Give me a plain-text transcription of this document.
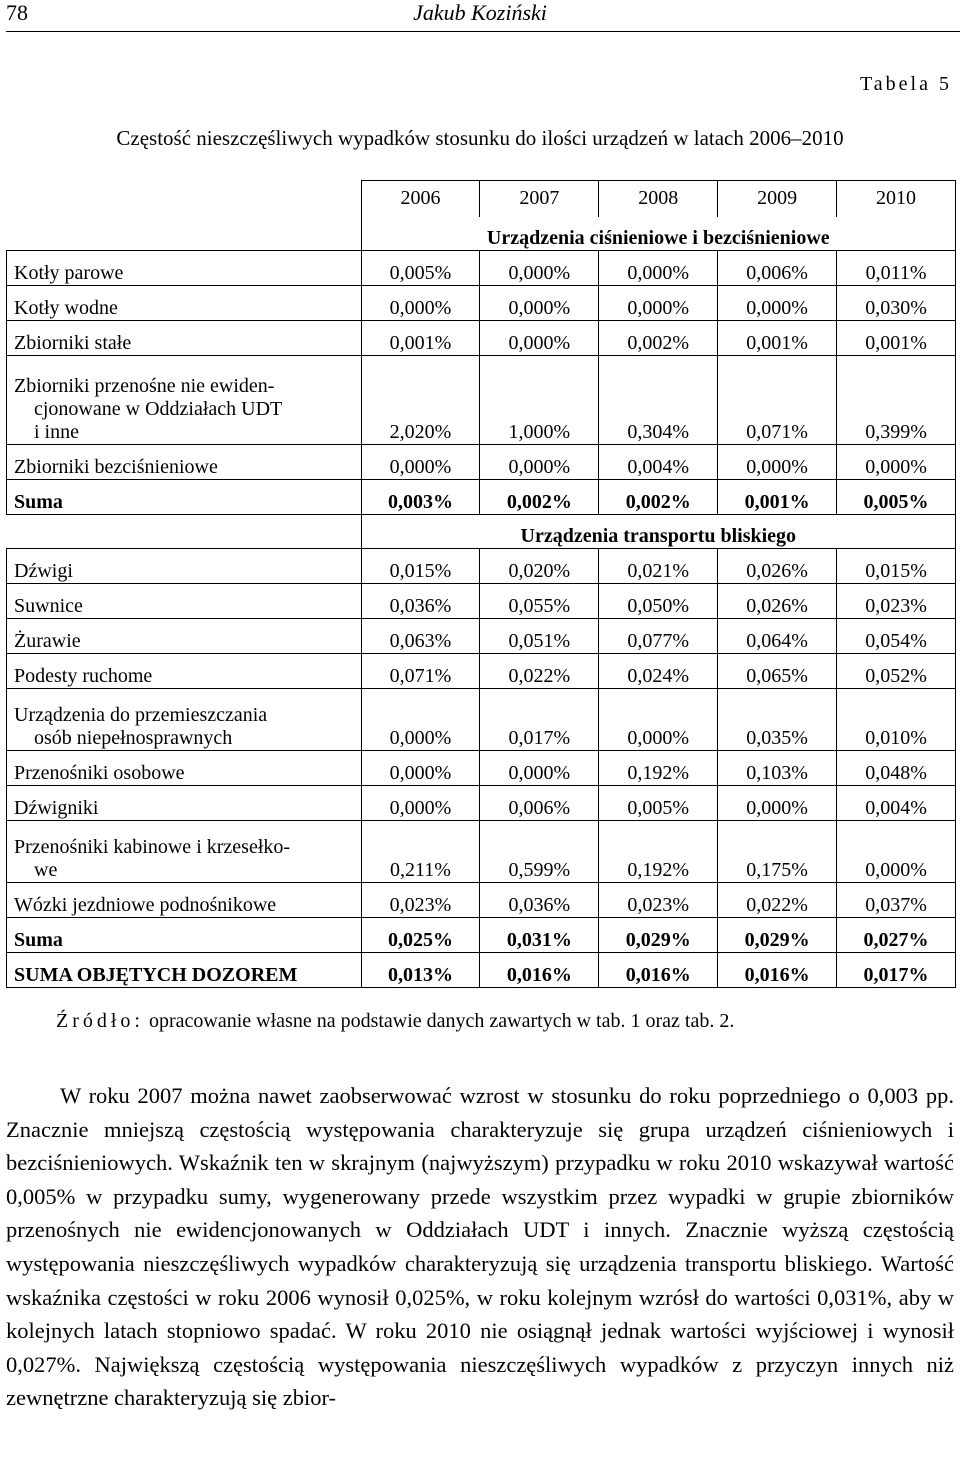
78	Jakub Koziński
Tabela 5
Częstość nieszczęśliwych wypadków stosunku do ilości urządzeń w latach 2006–2010
	2006	2007	2008	2009	2010
	Urządzenia ciśnieniowe i bezciśnieniowe				
Kotły parowe	0,005%	0,000%	0,000%	0,006%	0,011%
Kotły wodne	0,000%	0,000%	0,000%	0,000%	0,030%
Zbiorniki stałe	0,001%	0,000%	0,002%	0,001%	0,001%

Zbiorniki przenośne nie ewiden-
cjonowane w Oddziałach UDT
i inne	2,020%	1,000%	0,304%	0,071%	0,399%
Zbiorniki bezciśnieniowe	0,000%	0,000%	0,004%	0,000%	0,000%
Suma	0,003%	0,002%	0,002%	0,001%	0,005%
	Urządzenia transportu bliskiego				
Dźwigi	0,015%	0,020%	0,021%	0,026%	0,015%
Suwnice	0,036%	0,055%	0,050%	0,026%	0,023%
Żurawie	0,063%	0,051%	0,077%	0,064%	0,054%
Podesty ruchome	0,071%	0,022%	0,024%	0,065%	0,052%

Urządzenia do przemieszczania
osób niepełnosprawnych	0,000%	0,017%	0,000%	0,035%	0,010%
Przenośniki osobowe	0,000%	0,000%	0,192%	0,103%	0,048%
Dźwigniki	0,000%	0,006%	0,005%	0,000%	0,004%

Przenośniki kabinowe i krzesełko-
we	0,211%	0,599%	0,192%	0,175%	0,000%
Wózki jezdniowe podnośnikowe	0,023%	0,036%	0,023%	0,022%	0,037%
Suma	0,025%	0,031%	0,029%	0,029%	0,027%
SUMA OBJĘTYCH DOZOREM	0,013%	0,016%	0,016%	0,016%	0,017%
Źródło: opracowanie własne na podstawie danych zawartych w tab. 1 oraz tab. 2.
W roku 2007 można nawet zaobserwować wzrost w stosunku do roku poprzedniego o 0,003 pp. Znacznie mniejszą częstością występowania charakteryzuje się grupa urządzeń ciśnieniowych i bezciśnieniowych. Wskaźnik ten w skrajnym (najwyższym) przypadku w roku 2010 wskazywał wartość 0,005% w przypadku sumy, wygenerowany przede wszystkim przez wypadki w grupie zbiorników przenośnych nie ewidencjonowanych w Oddziałach UDT i innych. Znacznie wyższą częstością występowania nieszczęśliwych wypadków charakteryzują się urządzenia transportu bliskiego. Wartość wskaźnika częstości w roku 2006 wynosił 0,025%, w roku kolejnym wzrósł do wartości 0,031%, aby w kolejnych latach stopniowo spadać. W roku 2010 nie osiągnął jednak wartości wyjściowej i wynosił 0,027%. Największą częstością występowania nieszczęśliwych wypadków z przyczyn innych niż zewnętrzne charakteryzują się zbior-
